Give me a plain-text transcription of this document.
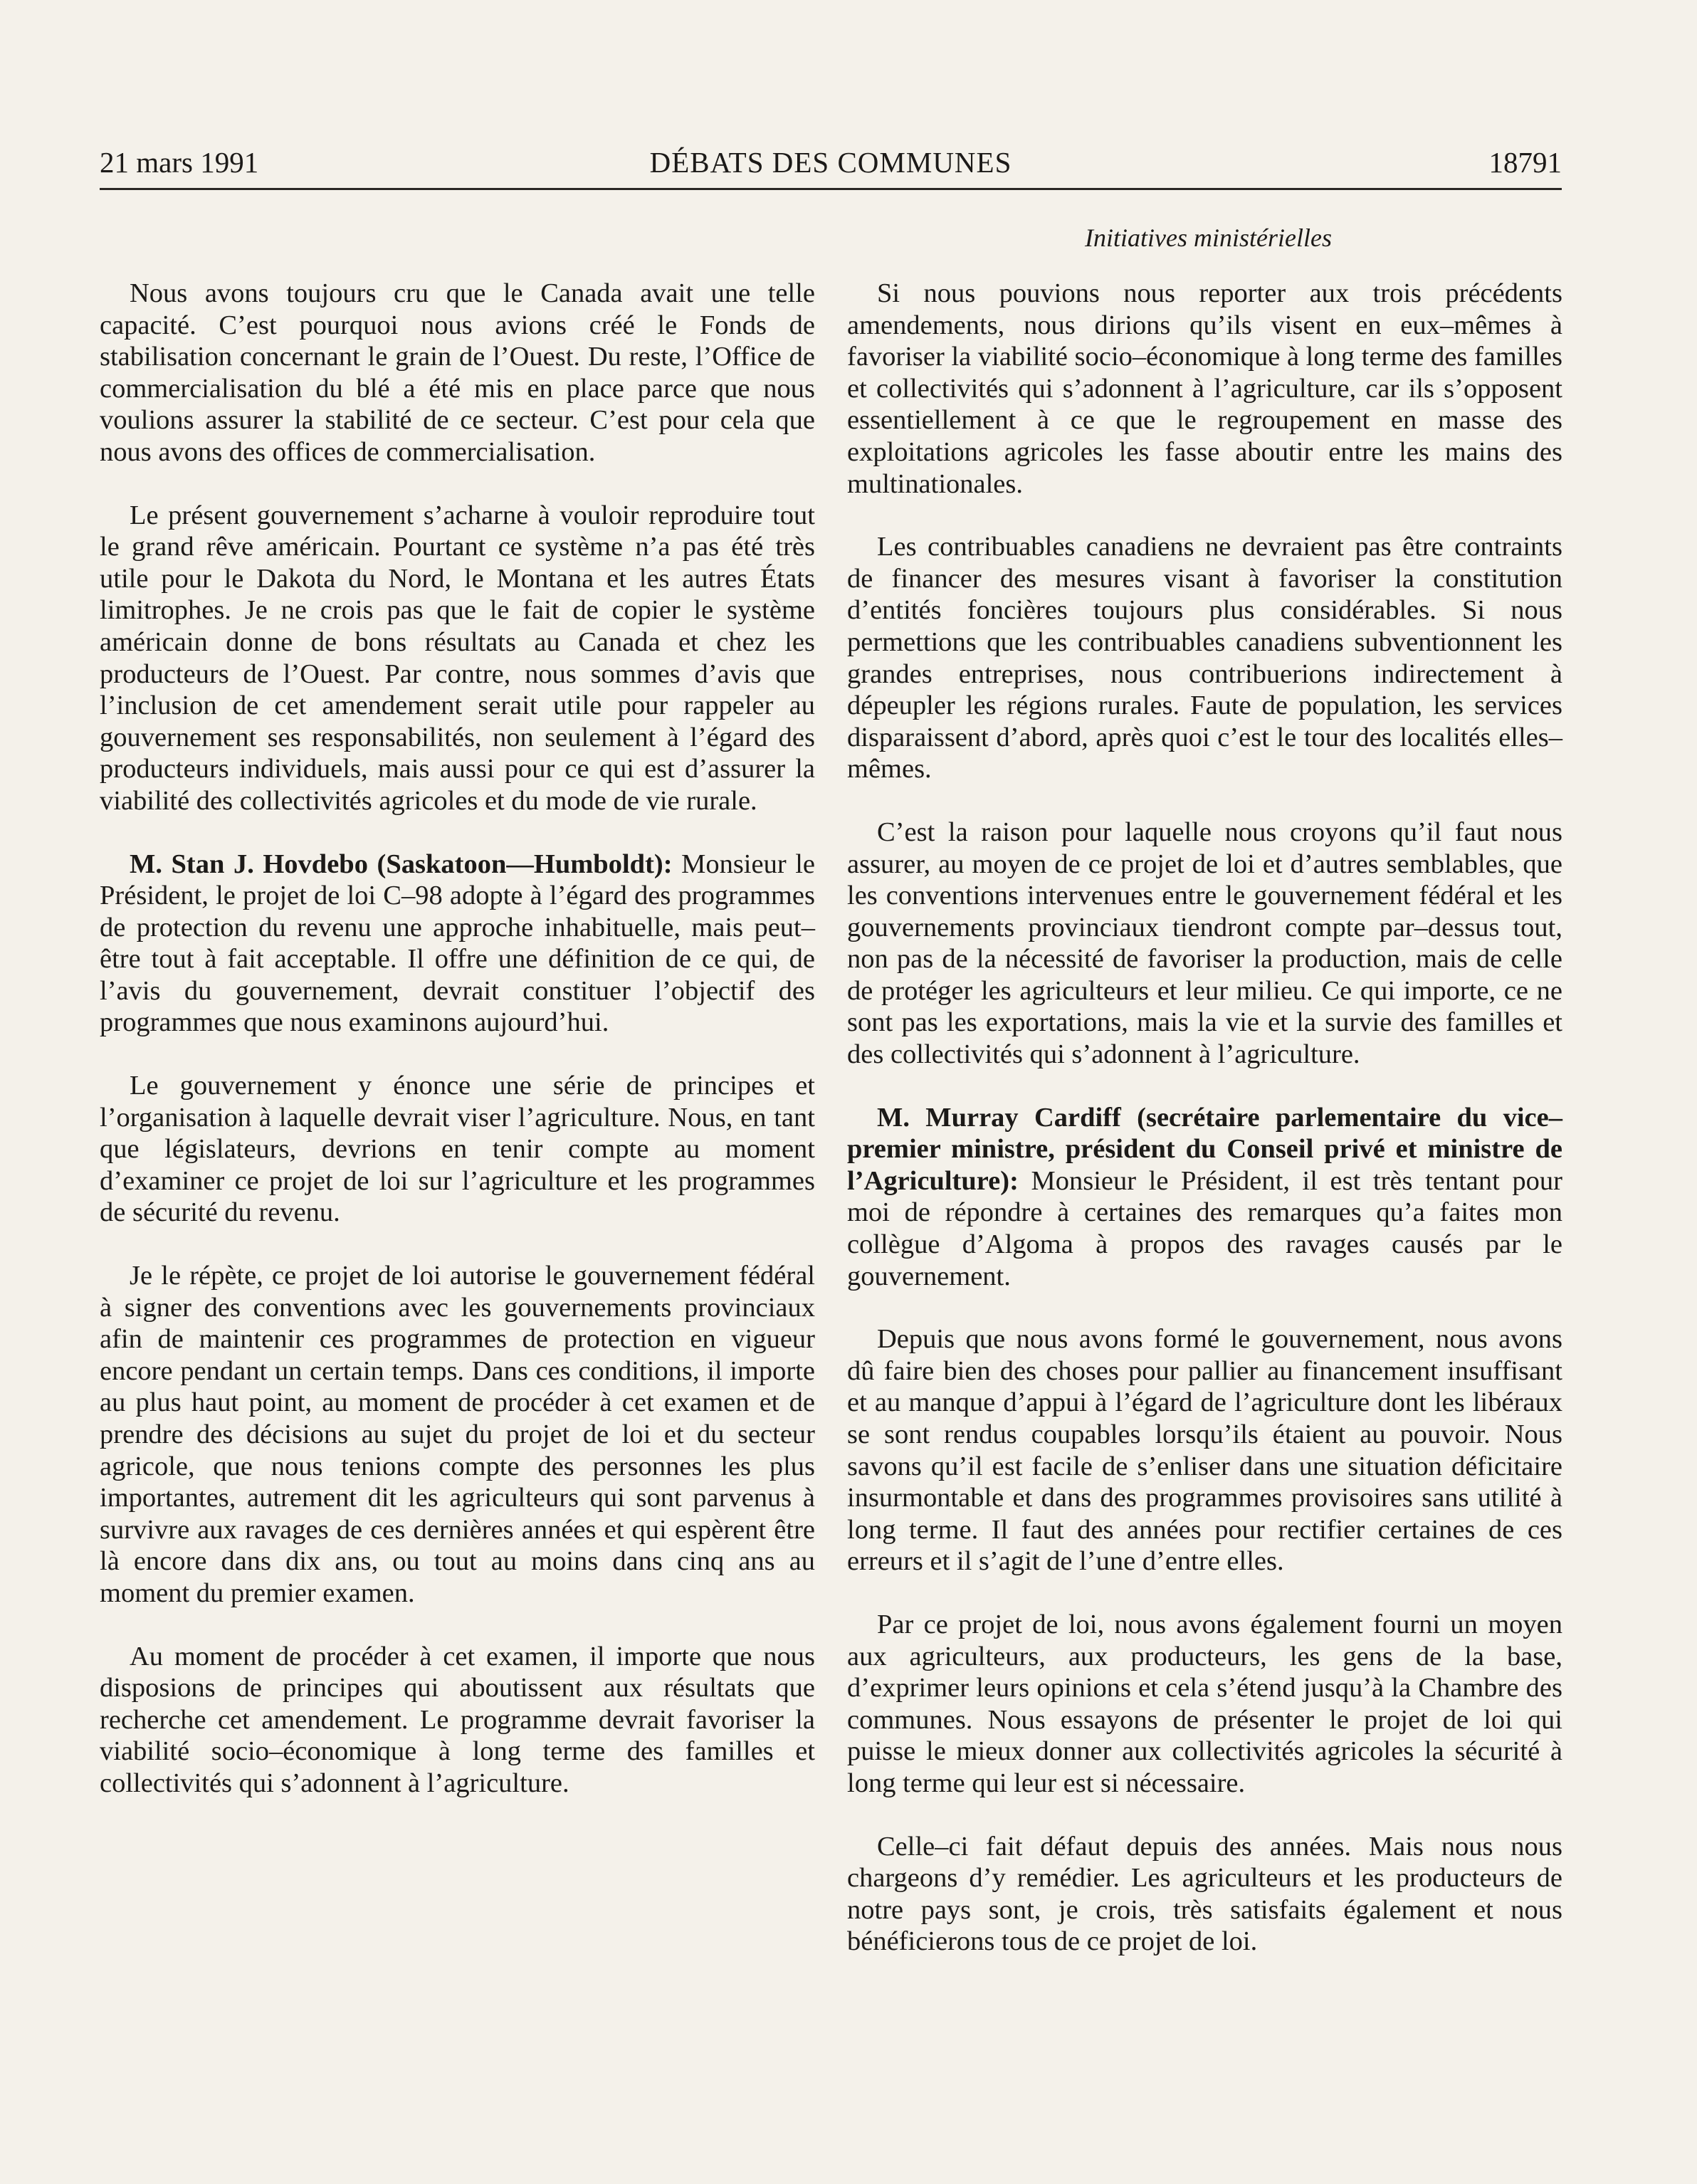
21 mars 1991	DÉBATS DES COMMUNES	18791
Initiatives ministérielles

Nous avons toujours cru que le Canada avait une telle capacité. C’est pourquoi nous avions créé le Fonds de stabilisation concernant le grain de l’Ouest. Du reste, l’Office de commercialisation du blé a été mis en place parce que nous voulions assurer la stabilité de ce secteur. C’est pour cela que nous avons des offices de commercialisation.

Le présent gouvernement s’acharne à vouloir reproduire tout le grand rêve américain. Pourtant ce système n’a pas été très utile pour le Dakota du Nord, le Montana et les autres États limitrophes. Je ne crois pas que le fait de copier le système américain donne de bons résultats au Canada et chez les producteurs de l’Ouest. Par contre, nous sommes d’avis que l’inclusion de cet amendement serait utile pour rappeler au gouvernement ses responsabilités, non seulement à l’égard des producteurs individuels, mais aussi pour ce qui est d’assurer la viabilité des collectivités agricoles et du mode de vie rurale.

M. Stan J. Hovdebo (Saskatoon—Humboldt): Monsieur le Président, le projet de loi C–98 adopte à l’égard des programmes de protection du revenu une approche inhabituelle, mais peut–être tout à fait acceptable. Il offre une définition de ce qui, de l’avis du gouvernement, devrait constituer l’objectif des programmes que nous examinons aujourd’hui.

Le gouvernement y énonce une série de principes et l’organisation à laquelle devrait viser l’agriculture. Nous, en tant que législateurs, devrions en tenir compte au moment d’examiner ce projet de loi sur l’agriculture et les programmes de sécurité du revenu.

Je le répète, ce projet de loi autorise le gouvernement fédéral à signer des conventions avec les gouvernements provinciaux afin de maintenir ces programmes de protection en vigueur encore pendant un certain temps. Dans ces conditions, il importe au plus haut point, au moment de procéder à cet examen et de prendre des décisions au sujet du projet de loi et du secteur agricole, que nous tenions compte des personnes les plus importantes, autrement dit les agriculteurs qui sont parvenus à survivre aux ravages de ces dernières années et qui espèrent être là encore dans dix ans, ou tout au moins dans cinq ans au moment du premier examen.

Au moment de procéder à cet examen, il importe que nous disposions de principes qui aboutissent aux résultats que recherche cet amendement. Le programme devrait favoriser la viabilité socio–économique à long terme des familles et collectivités qui s’adonnent à l’agriculture.

Si nous pouvions nous reporter aux trois précédents amendements, nous dirions qu’ils visent en eux–mêmes à favoriser la viabilité socio–économique à long terme des familles et collectivités qui s’adonnent à l’agriculture, car ils s’opposent essentiellement à ce que le regroupement en masse des exploitations agricoles les fasse aboutir entre les mains des multinationales.

Les contribuables canadiens ne devraient pas être contraints de financer des mesures visant à favoriser la constitution d’entités foncières toujours plus considérables. Si nous permettions que les contribuables canadiens subventionnent les grandes entreprises, nous contribuerions indirectement à dépeupler les régions rurales. Faute de population, les services disparaissent d’abord, après quoi c’est le tour des localités elles–mêmes.

C’est la raison pour laquelle nous croyons qu’il faut nous assurer, au moyen de ce projet de loi et d’autres semblables, que les conventions intervenues entre le gouvernement fédéral et les gouvernements provinciaux tiendront compte par–dessus tout, non pas de la nécessité de favoriser la production, mais de celle de protéger les agriculteurs et leur milieu. Ce qui importe, ce ne sont pas les exportations, mais la vie et la survie des familles et des collectivités qui s’adonnent à l’agriculture.

M. Murray Cardiff (secrétaire parlementaire du vice–premier ministre, président du Conseil privé et ministre de l’Agriculture): Monsieur le Président, il est très tentant pour moi de répondre à certaines des remarques qu’a faites mon collègue d’Algoma à propos des ravages causés par le gouvernement.

Depuis que nous avons formé le gouvernement, nous avons dû faire bien des choses pour pallier au financement insuffisant et au manque d’appui à l’égard de l’agriculture dont les libéraux se sont rendus coupables lorsqu’ils étaient au pouvoir. Nous savons qu’il est facile de s’enliser dans une situation déficitaire insurmontable et dans des programmes provisoires sans utilité à long terme. Il faut des années pour rectifier certaines de ces erreurs et il s’agit de l’une d’entre elles.

Par ce projet de loi, nous avons également fourni un moyen aux agriculteurs, aux producteurs, les gens de la base, d’exprimer leurs opinions et cela s’étend jusqu’à la Chambre des communes. Nous essayons de présenter le projet de loi qui puisse le mieux donner aux collectivités agricoles la sécurité à long terme qui leur est si nécessaire.

Celle–ci fait défaut depuis des années. Mais nous nous chargeons d’y remédier. Les agriculteurs et les producteurs de notre pays sont, je crois, très satisfaits également et nous bénéficierons tous de ce projet de loi.
